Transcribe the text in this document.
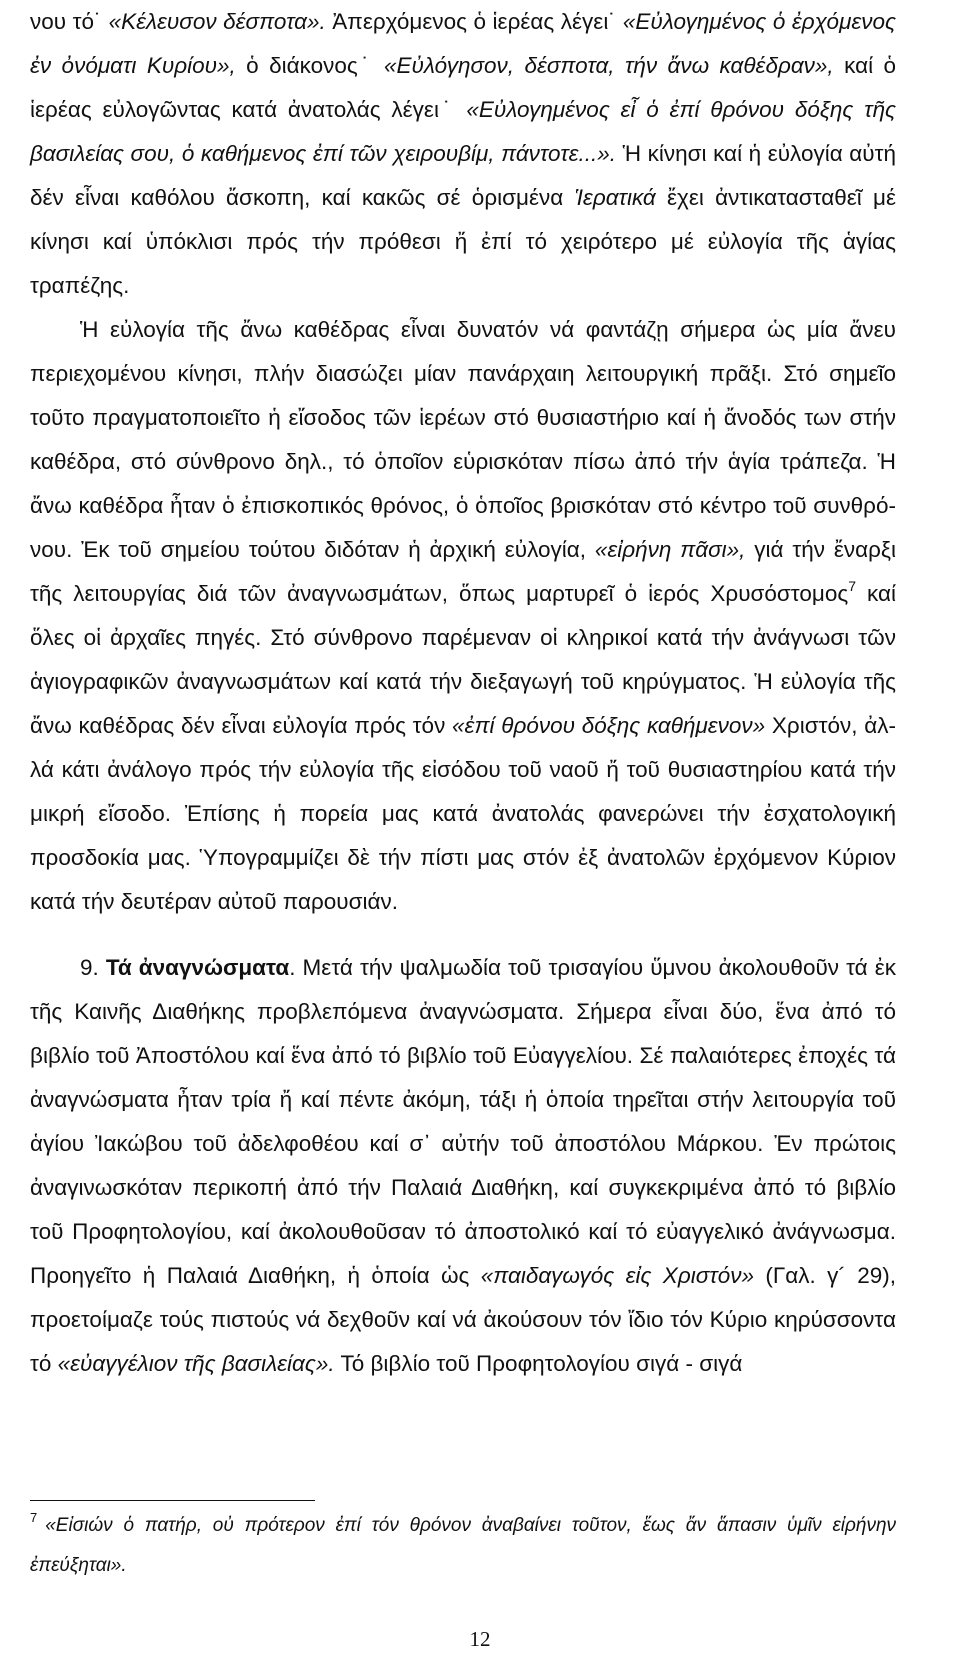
νου τό˙ «Κέλευσον δέσποτα». Ἀπερχόμενος ὁ ἱερέας λέγει˙ «Εὐλογημένος ὁ ἐρχόμενος ἐν ὀνόματι Κυρίου», ὁ διάκονος˙ «Εὐλόγησον, δέσποτα, τήν ἄνω καθέδραν», καί ὁ ἱερέας εὐλογῶντας κατά ἀνατολάς λέγει˙ «Εὐλογημένος εἶ ὁ ἐπί θρόνου δόξης τῆς βασιλείας σου, ὁ καθήμενος ἐπί τῶν χειρουβίμ, πάντοτε...». Ἡ κίνησι καί ἡ εὐλογία αὐτή δέν εἶναι καθόλου ἄσκοπη, καί κακῶς σέ ὁρισμένα Ἱερατικά ἔχει ἀντικατασταθεῖ μέ κίνησι καί ὑπόκλισι πρός τήν πρόθεσι ἤ ἐπί τό χειρότερο μέ εὐλογία τῆς ἁγίας τραπέζης.

Ἡ εὐλογία τῆς ἄνω καθέδρας εἶναι δυνατόν νά φαντάζῃ σήμερα ὡς μία ἄνευ περιεχομένου κίνησι, πλήν διασώζει μίαν πανάρχαιη λειτουργική πρᾶξι. Στό σημεῖο τοῦτο πραγματοποιεῖτο ἡ εἴσοδος τῶν ἱερέων στό θυσιαστήριο καί ἡ ἄνοδός των στήν καθέδρα, στό σύνθρονο δηλ., τό ὁποῖον εὑρισκόταν πίσω ἀπό τήν ἁγία τράπεζα. Ἡ ἄνω καθέδρα ἦταν ὁ ἐπισκοπικός θρόνος, ὁ ὁποῖος βρισκόταν στό κέντρο τοῦ συνθρόνου. Ἐκ τοῦ σημείου τούτου διδόταν ἡ ἀρχική εὐλογία, «εἰρήνη πᾶσι», γιά τήν ἔναρξι τῆς λειτουργίας διά τῶν ἀναγνωσμάτων, ὅπως μαρτυρεῖ ὁ ἱερός Χρυσόστομος$^7$ καί ὅλες οἱ ἀρχαῖες πηγές. Στό σύνθρονο παρέμεναν οἱ κληρικοί κατά τήν ἀνάγνωσι τῶν ἁγιογραφικῶν ἀναγνωσμάτων καί κατά τήν διεξαγωγή τοῦ κηρύγματος. Ἡ εὐλογία τῆς ἄνω καθέδρας δέν εἶναι εὐλογία πρός τόν «ἐπί θρόνου δόξης καθήμενον» Χριστόν, ἀλλά κάτι ἀνάλογο πρός τήν εὐλογία τῆς εἰσόδου τοῦ ναοῦ ἤ τοῦ θυσιαστηρίου κατά τήν μικρή εἴσοδο. Ἐπίσης ἡ πορεία μας κατά ἀνατολάς φανερώνει τήν ἐσχατολογική προσδοκία μας. Ὑπογραμμίζει δὲ τήν πίστι μας στόν ἐξ ἀνατολῶν ἐρχόμενον Κύριον κατά τήν δευτέραν αὐτοῦ παρουσιάν.

9. Τά ἀναγνώσματα. Μετά τήν ψαλμωδία τοῦ τρισαγίου ὕμνου ἀκολουθοῦν τά ἐκ τῆς Καινῆς Διαθήκης προβλεπόμενα ἀναγνώσματα. Σήμερα εἶναι δύο, ἕνα ἀπό τό βιβλίο τοῦ Ἀποστόλου καί ἕνα ἀπό τό βιβλίο τοῦ Εὐαγγελίου. Σέ παλαιότερες ἐποχές τά ἀναγνώσματα ἦταν τρία ἤ καί πέντε ἀκόμη, τάξι ἡ ὁποία τηρεῖται στήν λειτουργία τοῦ ἁγίου Ἰακώβου τοῦ ἀδελφοθέου καί σ᾽ αὐτήν τοῦ ἀποστόλου Μάρκου. Ἐν πρώτοις ἀναγινωσκόταν περικοπή ἀπό τήν Παλαιά Διαθήκη, καί συγκεκριμένα ἀπό τό βιβλίο τοῦ Προφητολογίου, καί ἀκολουθοῦσαν τό ἀποστολικό καί τό εὐαγγελικό ἀνάγνωσμα. Προηγεῖτο ἡ Παλαιά Διαθήκη, ἡ ὁποία ὡς «παιδαγωγός εἰς Χριστόν» (Γαλ. γ´ 29), προετοίμαζε τούς πιστούς νά δεχθοῦν καί νά ἀκούσουν τόν ἴδιο τόν Κύριο κηρύσσοντα τό «εὐαγγέλιον τῆς βασιλείας». Τό βιβλίο τοῦ Προφητολογίου σιγά - σιγά

$^7$ «Εἰσιών ὁ πατήρ, οὐ πρότερον ἐπί τόν θρόνον ἀναβαίνει τοῦτον, ἕως ἄν ἅπασιν ὑμῖν εἰρήνην ἐπεύξηται».

12
